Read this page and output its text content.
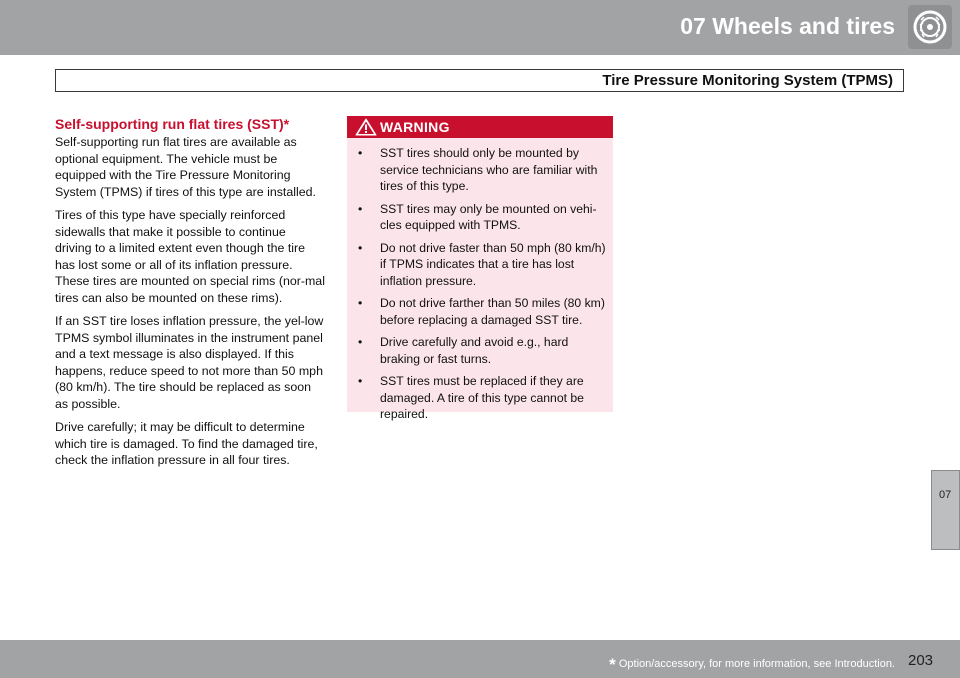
07 Wheels and tires
Tire Pressure Monitoring System (TPMS)
Self-supporting run flat tires (SST)*

Self-supporting run flat tires are available as optional equipment. The vehicle must be equipped with the Tire Pressure Monitoring System (TPMS) if tires of this type are installed.

Tires of this type have specially reinforced sidewalls that make it possible to continue driving to a limited extent even though the tire has lost some or all of its inflation pressure. These tires are mounted on special rims (nor-mal tires can also be mounted on these rims).

If an SST tire loses inflation pressure, the yel-low TPMS symbol illuminates in the instrument panel and a text message is also displayed. If this happens, reduce speed to not more than 50 mph (80 km/h). The tire should be replaced as soon as possible.

Drive carefully; it may be difficult to determine which tire is damaged. To find the damaged tire, check the inflation pressure in all four tires.

WARNING
• SST tires should only be mounted by service technicians who are familiar with tires of this type.
• SST tires may only be mounted on vehi-cles equipped with TPMS.
• Do not drive faster than 50 mph (80 km/h) if TPMS indicates that a tire has lost inflation pressure.
• Do not drive farther than 50 miles (80 km) before replacing a damaged SST tire.
• Drive carefully and avoid e.g., hard braking or fast turns.
• SST tires must be replaced if they are damaged. A tire of this type cannot be repaired.
07
* Option/accessory, for more information, see Introduction. 203
